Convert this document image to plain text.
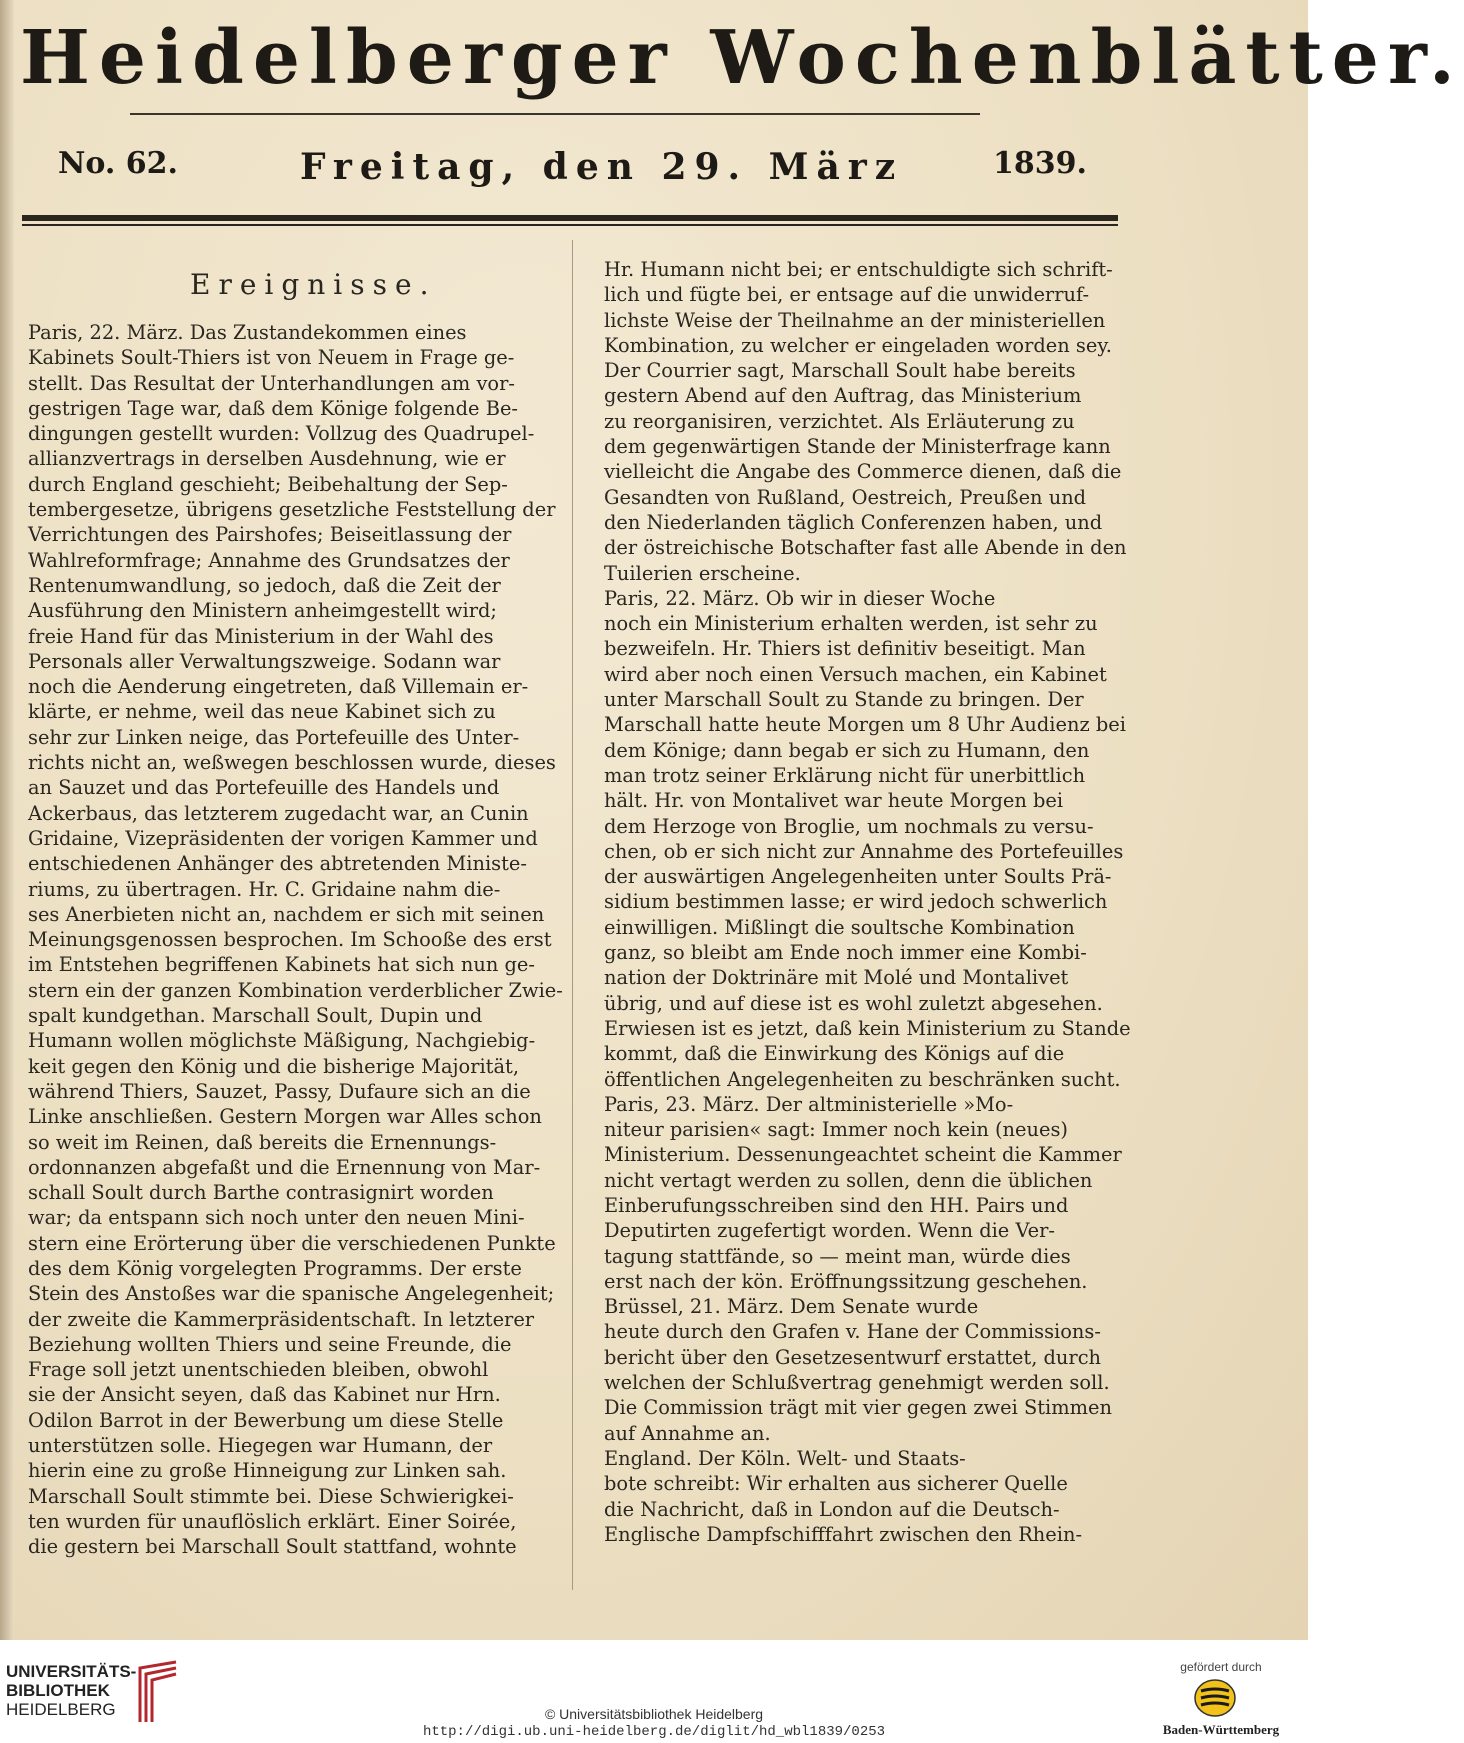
Heidelberger Wochenblätter.
No. 62.	Freitag, den 29. März	1839.
Ereignisse.
Paris, 22. März. Das Zustandekommen eines
Kabinets Soult-Thiers ist von Neuem in Frage ge-
stellt. Das Resultat der Unterhandlungen am vor-
gestrigen Tage war, daß dem Könige folgende Be-
dingungen gestellt wurden: Vollzug des Quadrupel-
allianzvertrags in derselben Ausdehnung, wie er
durch England geschieht; Beibehaltung der Sep-
tembergesetze, übrigens gesetzliche Feststellung der
Verrichtungen des Pairshofes; Beiseitlassung der
Wahlreformfrage; Annahme des Grundsatzes der
Rentenumwandlung, so jedoch, daß die Zeit der
Ausführung den Ministern anheimgestellt wird;
freie Hand für das Ministerium in der Wahl des
Personals aller Verwaltungszweige. Sodann war
noch die Aenderung eingetreten, daß Villemain er-
klärte, er nehme, weil das neue Kabinet sich zu
sehr zur Linken neige, das Portefeuille des Unter-
richts nicht an, weßwegen beschlossen wurde, dieses
an Sauzet und das Portefeuille des Handels und
Ackerbaus, das letzterem zugedacht war, an Cunin
Gridaine, Vizepräsidenten der vorigen Kammer und
entschiedenen Anhänger des abtretenden Ministe-
riums, zu übertragen. Hr. C. Gridaine nahm die-
ses Anerbieten nicht an, nachdem er sich mit seinen
Meinungsgenossen besprochen. Im Schooße des erst
im Entstehen begriffenen Kabinets hat sich nun ge-
stern ein der ganzen Kombination verderblicher Zwie-
spalt kundgethan. Marschall Soult, Dupin und
Humann wollen möglichste Mäßigung, Nachgiebig-
keit gegen den König und die bisherige Majorität,
während Thiers, Sauzet, Passy, Dufaure sich an die
Linke anschließen. Gestern Morgen war Alles schon
so weit im Reinen, daß bereits die Ernennungs-
ordonnanzen abgefaßt und die Ernennung von Mar-
schall Soult durch Barthe contrasignirt worden
war; da entspann sich noch unter den neuen Mini-
stern eine Erörterung über die verschiedenen Punkte
des dem König vorgelegten Programms. Der erste
Stein des Anstoßes war die spanische Angelegenheit;
der zweite die Kammerpräsidentschaft. In letzterer
Beziehung wollten Thiers und seine Freunde, die
Frage soll jetzt unentschieden bleiben, obwohl
sie der Ansicht seyen, daß das Kabinet nur Hrn.
Odilon Barrot in der Bewerbung um diese Stelle
unterstützen solle. Hiegegen war Humann, der
hierin eine zu große Hinneigung zur Linken sah.
Marschall Soult stimmte bei. Diese Schwierigkei-
ten wurden für unauflöslich erklärt. Einer Soirée,
die gestern bei Marschall Soult stattfand, wohnte
Hr. Humann nicht bei; er entschuldigte sich schrift-
lich und fügte bei, er entsage auf die unwiderruf-
lichste Weise der Theilnahme an der ministeriellen
Kombination, zu welcher er eingeladen worden sey.
Der Courrier sagt, Marschall Soult habe bereits
gestern Abend auf den Auftrag, das Ministerium
zu reorganisiren, verzichtet. Als Erläuterung zu
dem gegenwärtigen Stande der Ministerfrage kann
vielleicht die Angabe des Commerce dienen, daß die
Gesandten von Rußland, Oestreich, Preußen und
den Niederlanden täglich Conferenzen haben, und
der östreichische Botschafter fast alle Abende in den
Tuilerien erscheine.
Paris, 22. März. Ob wir in dieser Woche
noch ein Ministerium erhalten werden, ist sehr zu
bezweifeln. Hr. Thiers ist definitiv beseitigt. Man
wird aber noch einen Versuch machen, ein Kabinet
unter Marschall Soult zu Stande zu bringen. Der
Marschall hatte heute Morgen um 8 Uhr Audienz bei
dem Könige; dann begab er sich zu Humann, den
man trotz seiner Erklärung nicht für unerbittlich
hält. Hr. von Montalivet war heute Morgen bei
dem Herzoge von Broglie, um nochmals zu versu-
chen, ob er sich nicht zur Annahme des Portefeuilles
der auswärtigen Angelegenheiten unter Soults Prä-
sidium bestimmen lasse; er wird jedoch schwerlich
einwilligen. Mißlingt die soultsche Kombination
ganz, so bleibt am Ende noch immer eine Kombi-
nation der Doktrinäre mit Molé und Montalivet
übrig, und auf diese ist es wohl zuletzt abgesehen.
Erwiesen ist es jetzt, daß kein Ministerium zu Stande
kommt, daß die Einwirkung des Königs auf die
öffentlichen Angelegenheiten zu beschränken sucht.
Paris, 23. März. Der altministerielle »Mo-
niteur parisien« sagt: Immer noch kein (neues)
Ministerium. Dessenungeachtet scheint die Kammer
nicht vertagt werden zu sollen, denn die üblichen
Einberufungsschreiben sind den HH. Pairs und
Deputirten zugefertigt worden. Wenn die Ver-
tagung stattfände, so — meint man, würde dies
erst nach der kön. Eröffnungssitzung geschehen.
Brüssel, 21. März. Dem Senate wurde
heute durch den Grafen v. Hane der Commissions-
bericht über den Gesetzesentwurf erstattet, durch
welchen der Schlußvertrag genehmigt werden soll.
Die Commission trägt mit vier gegen zwei Stimmen
auf Annahme an.
England. Der Köln. Welt- und Staats-
bote schreibt: Wir erhalten aus sicherer Quelle
die Nachricht, daß in London auf die Deutsch-
Englische Dampfschifffahrt zwischen den Rhein-
UNIVERSITÄTS-
BIBLIOTHEK
HEIDELBERG	© Universitätsbibliothek Heidelberg
http://digi.ub.uni-heidelberg.de/diglit/hd_wbl1839/0253
gefördert durch
Baden-Württemberg
